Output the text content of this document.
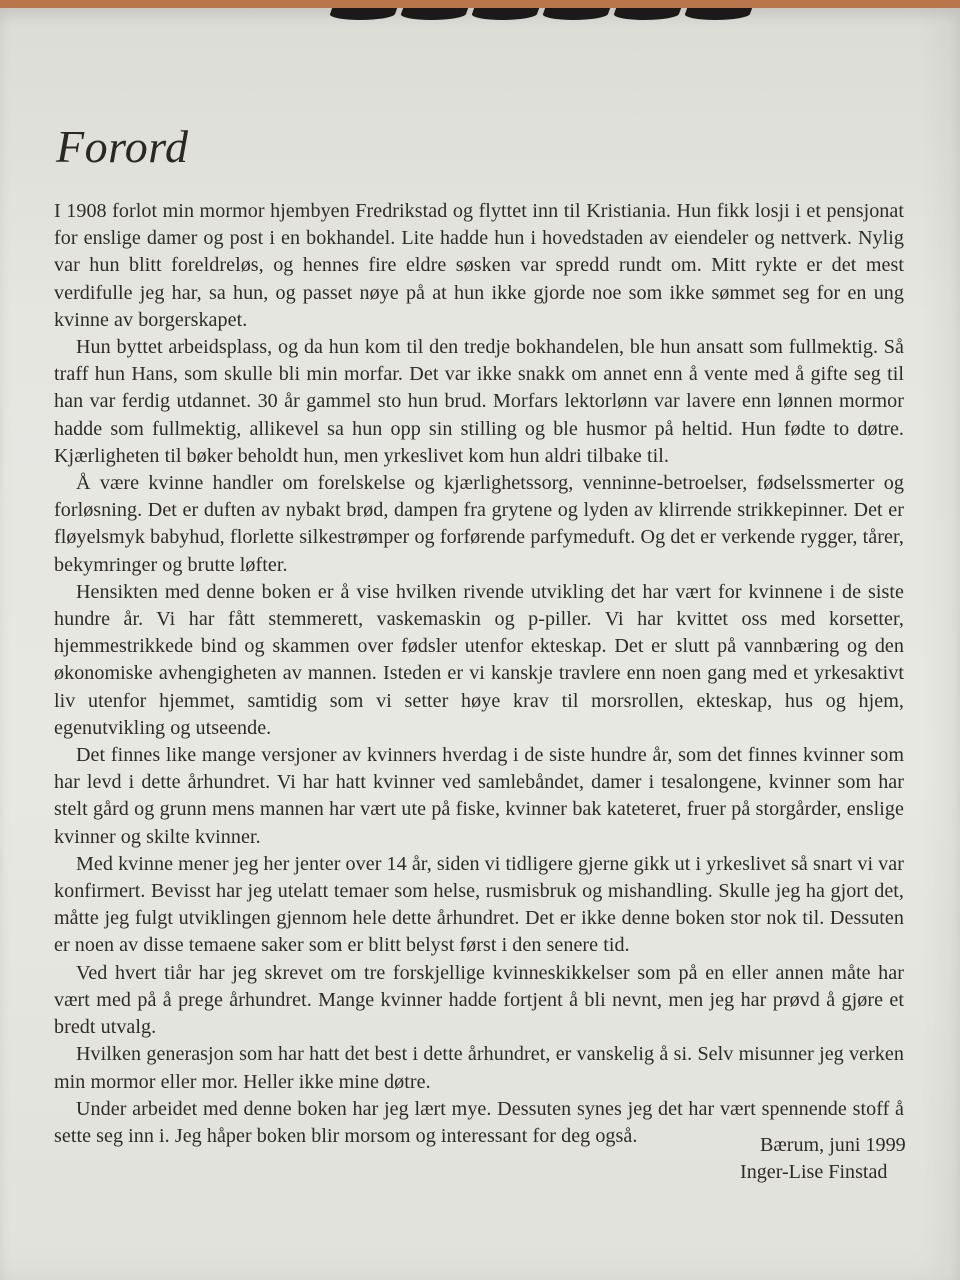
Forord

I 1908 forlot min mormor hjembyen Fredrikstad og flyttet inn til Kristiania. Hun fikk losji i et pensjonat for enslige damer og post i en bokhandel. Lite hadde hun i hovedstaden av eiendeler og nettverk. Nylig var hun blitt foreldreløs, og hennes fire eldre søsken var spredd rundt om. Mitt rykte er det mest verdifulle jeg har, sa hun, og passet nøye på at hun ikke gjorde noe som ikke sømmet seg for en ung kvinne av borgerskapet.

Hun byttet arbeidsplass, og da hun kom til den tredje bokhandelen, ble hun ansatt som fullmektig. Så traff hun Hans, som skulle bli min morfar. Det var ikke snakk om annet enn å vente med å gifte seg til han var ferdig utdannet. 30 år gammel sto hun brud. Morfars lektorlønn var lavere enn lønnen mormor hadde som fullmektig, allikevel sa hun opp sin stilling og ble husmor på heltid. Hun fødte to døtre. Kjærligheten til bøker beholdt hun, men yrkeslivet kom hun aldri tilbake til.

Å være kvinne handler om forelskelse og kjærlighetssorg, venninne-betroelser, fødselssmerter og forløsning. Det er duften av nybakt brød, dampen fra grytene og lyden av klirrende strikkepinner. Det er fløyelsmyk babyhud, florlette silkestrømper og forførende parfymeduft. Og det er verkende rygger, tårer, bekymringer og brutte løfter.

Hensikten med denne boken er å vise hvilken rivende utvikling det har vært for kvinnene i de siste hundre år. Vi har fått stemmerett, vaskemaskin og p-piller. Vi har kvittet oss med korsetter, hjemmestrikkede bind og skammen over fødsler utenfor ekteskap. Det er slutt på vannbæring og den økonomiske avhengigheten av mannen. Isteden er vi kanskje travlere enn noen gang med et yrkesaktivt liv utenfor hjemmet, samtidig som vi setter høye krav til morsrollen, ekteskap, hus og hjem, egenutvikling og utseende.

Det finnes like mange versjoner av kvinners hverdag i de siste hundre år, som det finnes kvinner som har levd i dette århundret. Vi har hatt kvinner ved samlebåndet, damer i tesalongene, kvinner som har stelt gård og grunn mens mannen har vært ute på fiske, kvinner bak kateteret, fruer på storgårder, enslige kvinner og skilte kvinner.

Med kvinne mener jeg her jenter over 14 år, siden vi tidligere gjerne gikk ut i yrkeslivet så snart vi var konfirmert. Bevisst har jeg utelatt temaer som helse, rusmisbruk og mishandling. Skulle jeg ha gjort det, måtte jeg fulgt utviklingen gjennom hele dette århundret. Det er ikke denne boken stor nok til. Dessuten er noen av disse temaene saker som er blitt belyst først i den senere tid.

Ved hvert tiår har jeg skrevet om tre forskjellige kvinneskikkelser som på en eller annen måte har vært med på å prege århundret. Mange kvinner hadde fortjent å bli nevnt, men jeg har prøvd å gjøre et bredt utvalg.

Hvilken generasjon som har hatt det best i dette århundret, er vanskelig å si. Selv misunner jeg verken min mormor eller mor. Heller ikke mine døtre.

Under arbeidet med denne boken har jeg lært mye. Dessuten synes jeg det har vært spennende stoff å sette seg inn i. Jeg håper boken blir morsom og interessant for deg også.	Bærum, juni 1999
Inger-Lise Finstad
